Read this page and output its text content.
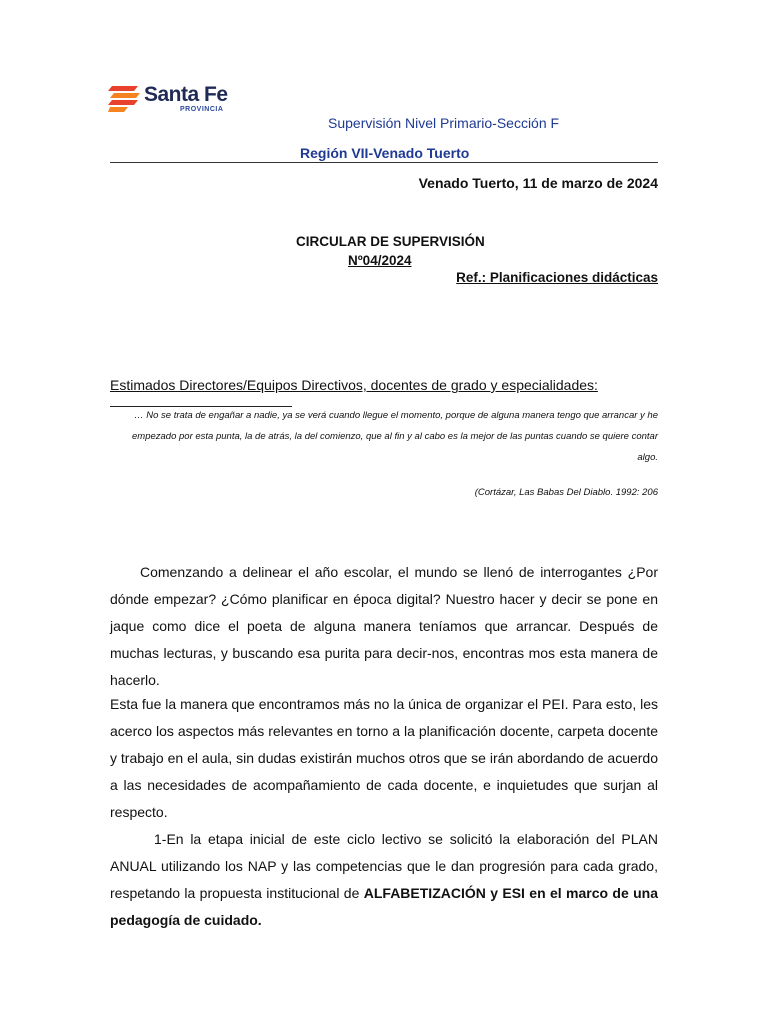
Santa Fe
PROVINCIA
Supervisión Nivel Primario-Sección F
Región VII-Venado Tuerto
Venado Tuerto, 11 de marzo de 2024
CIRCULAR DE SUPERVISIÓN
Nº04/2024
Ref.: Planificaciones didácticas
Estimados Directores/Equipos Directivos, docentes de grado y especialidades:
… No se trata de engañar a nadie, ya se verá cuando llegue el momento, porque de alguna manera tengo que arrancar y he empezado por esta punta, la de atrás, la del comienzo, que al fin y al cabo es la mejor de las puntas cuando se quiere contar algo.
(Cortázar, Las Babas Del Diablo. 1992: 206
Comenzando a delinear el año escolar, el mundo se llenó de interrogantes ¿Por dónde empezar? ¿Cómo planificar en época digital? Nuestro hacer y decir se pone en jaque como dice el poeta de alguna manera teníamos que arrancar. Después de muchas lecturas, y buscando esa purita para decir-nos, encontras mos esta manera de hacerlo.
Esta fue la manera que encontramos más no la única de organizar el PEI. Para esto, les acerco los aspectos más relevantes en torno a la planificación docente, carpeta docente y trabajo en el aula, sin dudas existirán muchos otros que se irán abordando de acuerdo a las necesidades de acompañamiento de cada docente, e inquietudes que surjan al respecto.
1-En la etapa inicial de este ciclo lectivo se solicitó la elaboración del PLAN ANUAL utilizando los NAP y las competencias que le dan progresión para cada grado, respetando la propuesta institucional de ALFABETIZACIÓN y ESI en el marco de una pedagogía de cuidado.
